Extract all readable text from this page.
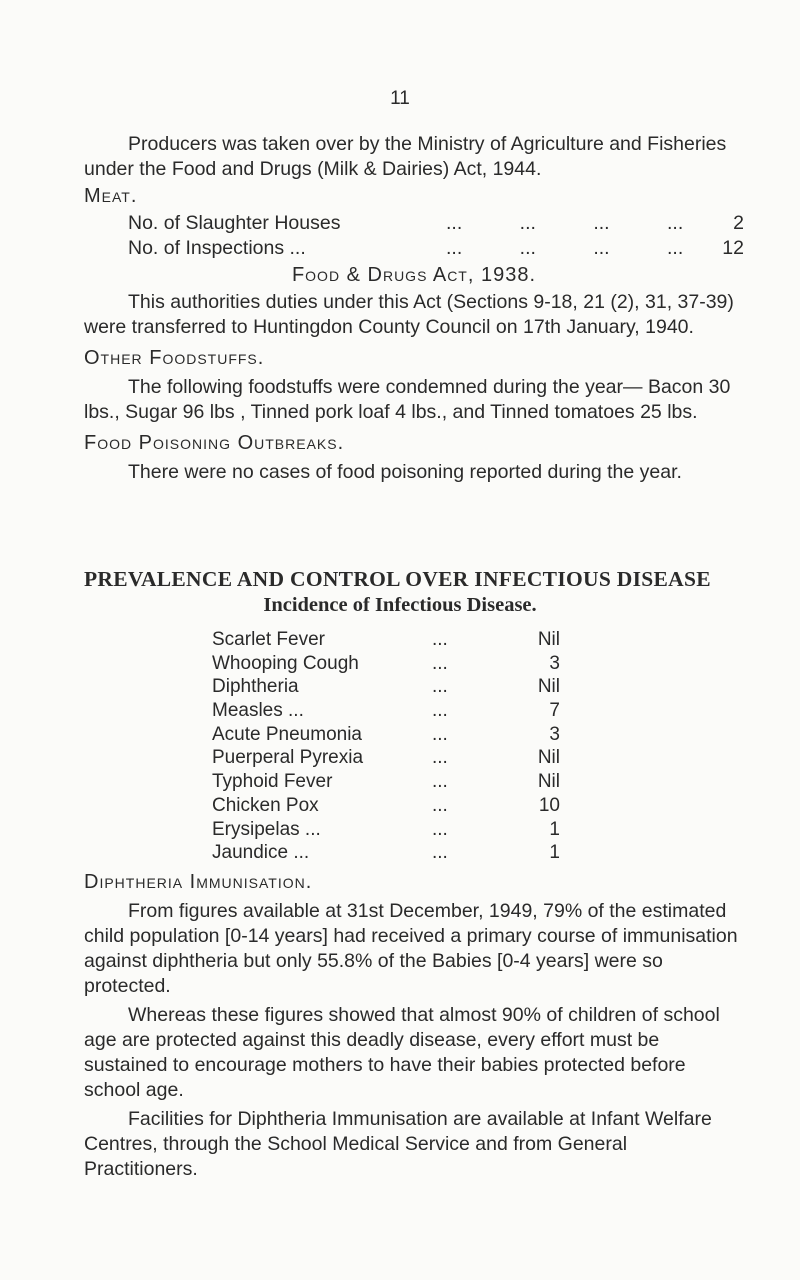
11

Producers was taken over by the Ministry of Agriculture and Fisheries under the Food and Drugs (Milk & Dairies) Act, 1944.

Meat.

No. of Slaughter Houses	... ... ... ...	2
No. of Inspections ...	... ... ... ...	12

Food & Drugs Act, 1938.

This authorities duties under this Act (Sections 9-18, 21 (2), 31, 37-39) were transferred to Huntingdon County Council on 17th January, 1940.

Other Foodstuffs.

The following foodstuffs were condemned during the year— Bacon 30 lbs., Sugar 96 lbs , Tinned pork loaf 4 lbs., and Tinned tomatoes 25 lbs.

Food Poisoning Outbreaks.

There were no cases of food poisoning reported during the year.

PREVALENCE AND CONTROL OVER INFECTIOUS DISEASE
Incidence of Infectious Disease.
Scarlet Fever	...	Nil
Whooping Cough	...	3
Diphtheria	...	Nil
Measles ...	...	7
Acute Pneumonia	...	3
Puerperal Pyrexia	...	Nil
Typhoid Fever	...	Nil
Chicken Pox	...	10
Erysipelas ...	...	1
Jaundice ...	...	1

Diphtheria Immunisation.

From figures available at 31st December, 1949, 79% of the estimated child population [0-14 years] had received a primary course of immunisation against diphtheria but only 55.8% of the Babies [0-4 years] were so protected.

Whereas these figures showed that almost 90% of children of school age are protected against this deadly disease, every effort must be sustained to encourage mothers to have their babies protected before school age.

Facilities for Diphtheria Immunisation are available at Infant Welfare Centres, through the School Medical Service and from General Practitioners.
